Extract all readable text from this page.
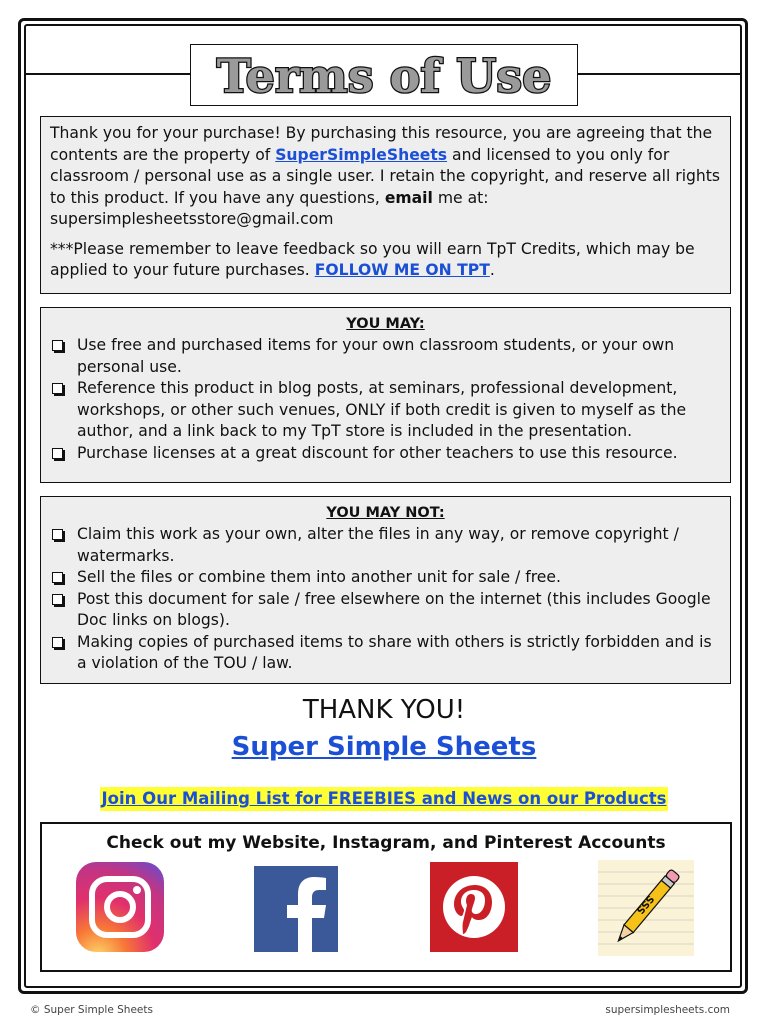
Terms of Use

Thank you for your purchase! By purchasing this resource, you are agreeing that the contents are the property of SuperSimpleSheets and licensed to you only for classroom / personal use as a single user. I retain the copyright, and reserve all rights to this product. If you have any questions, email me at: supersimplesheetsstore@gmail.com

***Please remember to leave feedback so you will earn TpT Credits, which may be applied to your future purchases. FOLLOW ME ON TPT.

YOU MAY:
Use free and purchased items for your own classroom students, or your own personal use.
Reference this product in blog posts, at seminars, professional development, workshops, or other such venues, ONLY if both credit is given to myself as the author, and a link back to my TpT store is included in the presentation.
Purchase licenses at a great discount for other teachers to use this resource.
YOU MAY NOT:
Claim this work as your own, alter the files in any way, or remove copyright / watermarks.
Sell the files or combine them into another unit for sale / free.
Post this document for sale / free elsewhere on the internet (this includes Google Doc links on blogs).
Making copies of purchased items to share with others is strictly forbidden and is a violation of the TOU / law.
THANK YOU!
Super Simple Sheets
Join Our Mailing List for FREEBIES and News on our Products
Check out my Website, Instagram, and Pinterest Accounts
SSS
© Super Simple Sheets	supersimplesheets.com
